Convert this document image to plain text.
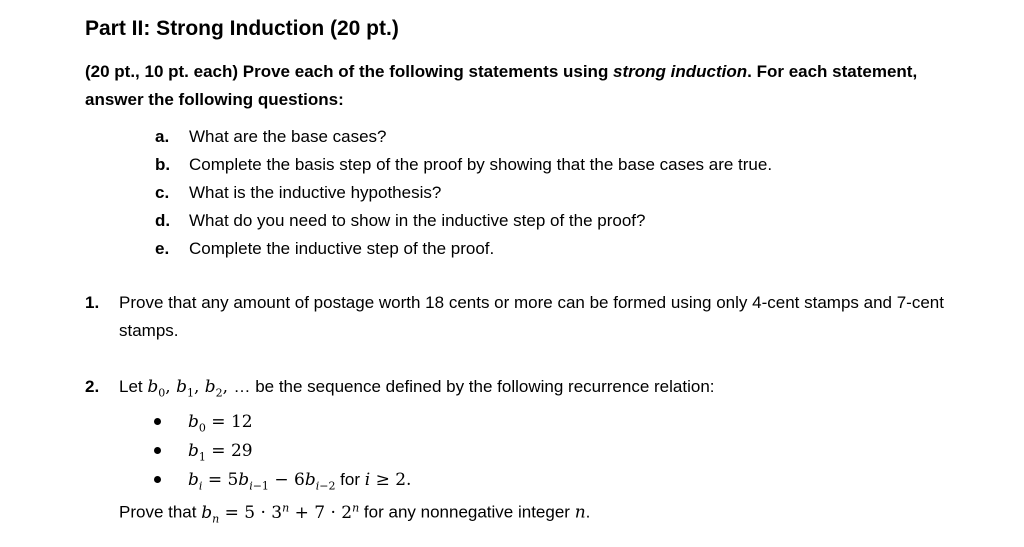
Part II: Strong Induction (20 pt.)
(20 pt., 10 pt. each) Prove each of the following statements using strong induction. For each statement, answer the following questions:
a. What are the base cases?
b. Complete the basis step of the proof by showing that the base cases are true.
c. What is the inductive hypothesis?
d. What do you need to show in the inductive step of the proof?
e. Complete the inductive step of the proof.
1. Prove that any amount of postage worth 18 cents or more can be formed using only 4-cent stamps and 7-cent stamps.
2. Let $b_0$, $b_1$, $b_2$, … be the sequence defined by the following recurrence relation:
$b_0 = 12$
$b_1 = 29$
$b_i = 5b_{i-1} - 6b_{i-2}$ for i ≥ 2.
Prove that $b_n = 5 \cdot 3^n + 7 \cdot 2^n$ for any nonnegative integer n.
